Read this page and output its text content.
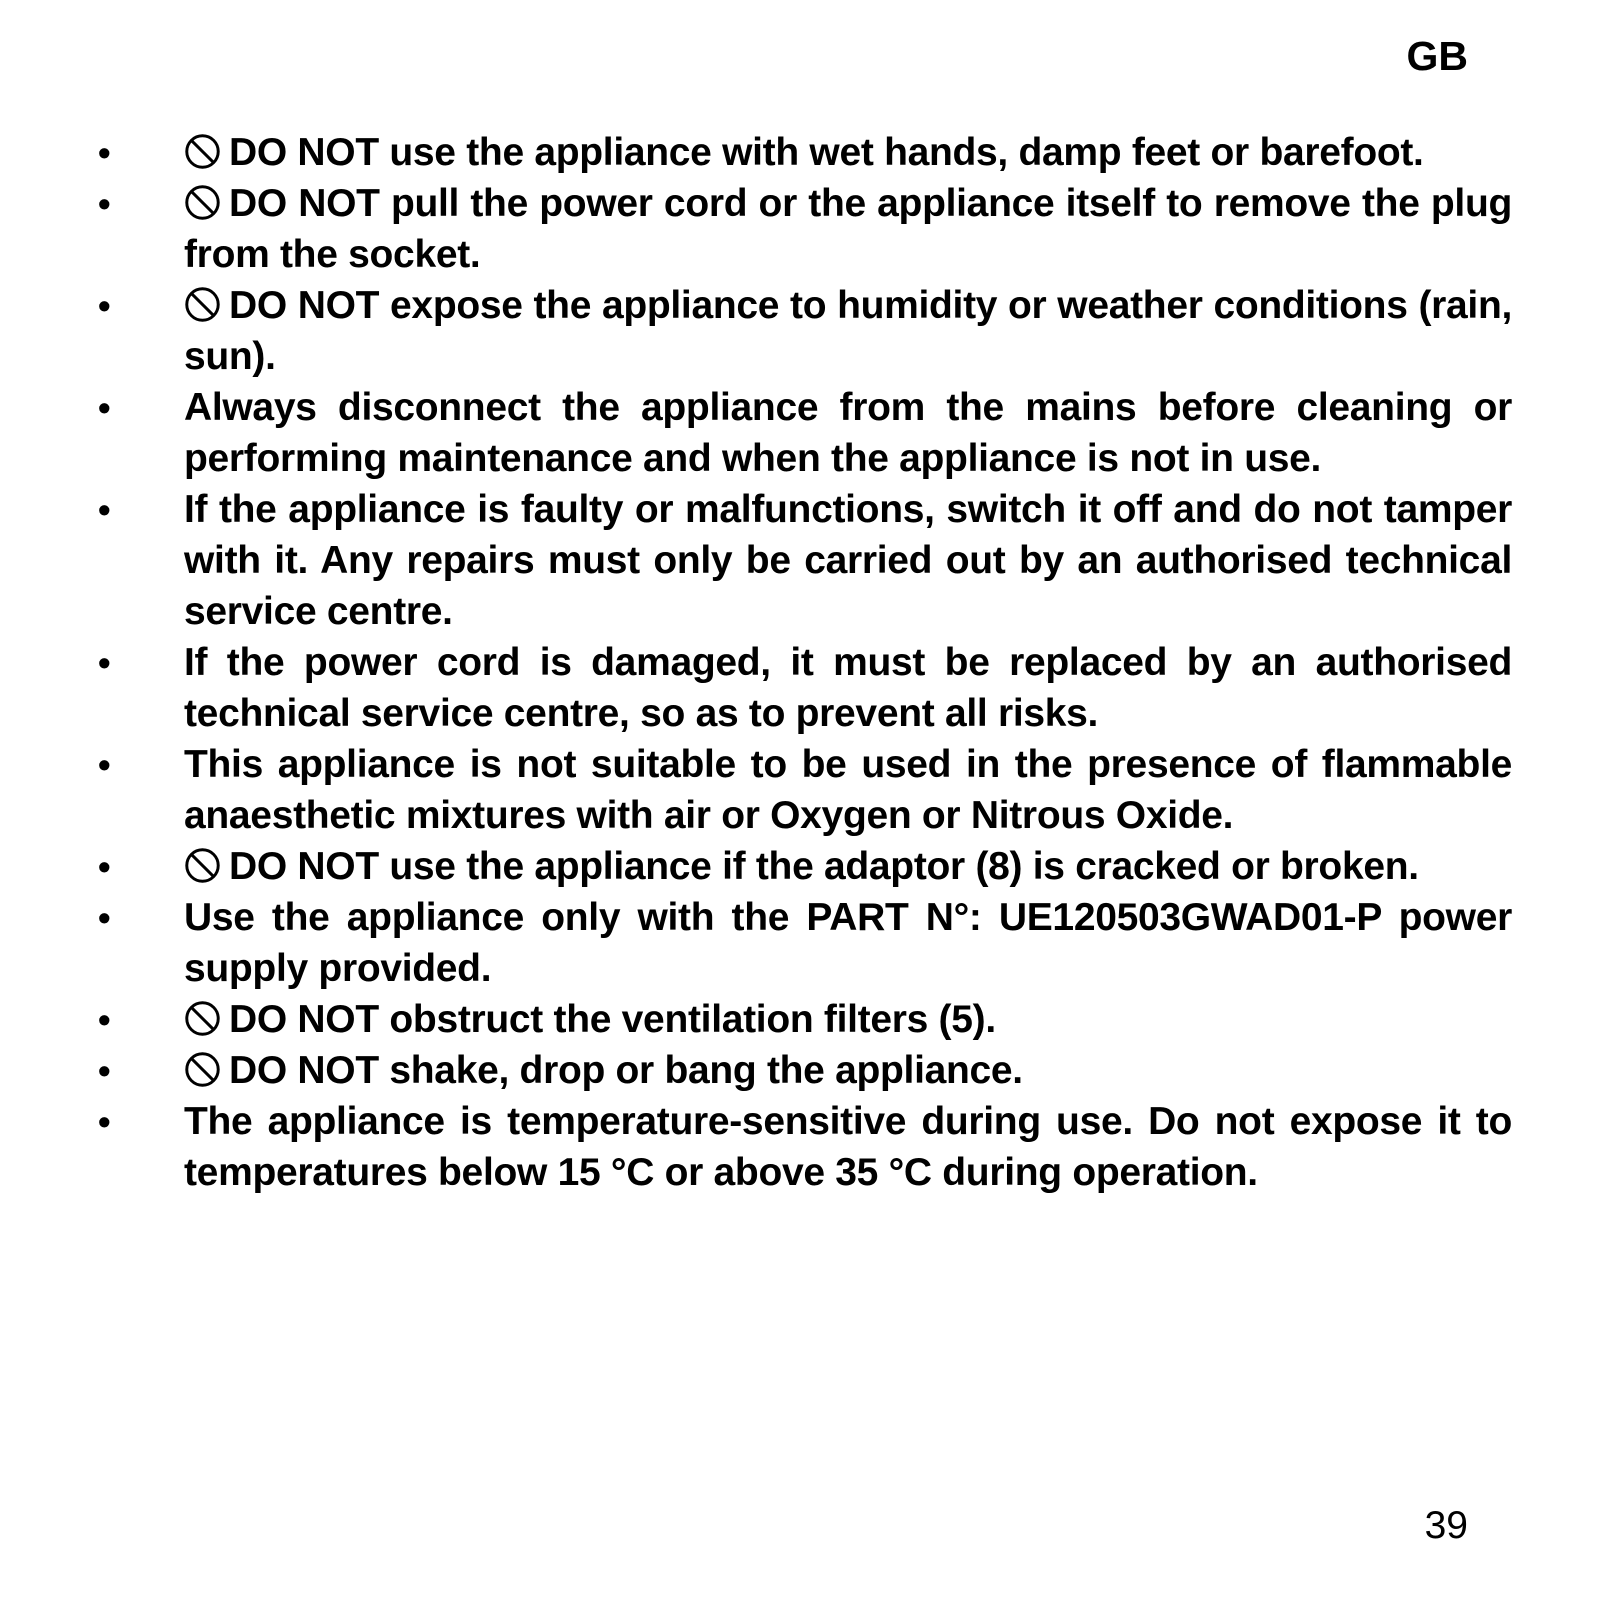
GB
•	DO NOT use the appliance with wet hands, damp feet or barefoot.
•	DO NOT pull the power cord or the appliance itself to remove the plug from the socket.
•	DO NOT expose the appliance to humidity or weather conditions (rain, sun).
• Always disconnect the appliance from the mains before cleaning or performing maintenance and when the appliance is not in use.
• If the appliance is faulty or malfunctions, switch it off and do not tamper with it. Any repairs must only be carried out by an authorised technical service centre.
• If the power cord is damaged, it must be replaced by an authorised technical service centre, so as to prevent all risks.
• This appliance is not suitable to be used in the presence of flammable anaesthetic mixtures with air or Oxygen or Nitrous Oxide.
•	DO NOT use the appliance if the adaptor (8) is cracked or broken.
• Use the appliance only with the PART N°: UE120503GWAD01-P power supply provided.
•	DO NOT obstruct the ventilation filters (5).
•	DO NOT shake, drop or bang the appliance.
• The appliance is temperature-sensitive during use. Do not expose it to temperatures below 15 °C or above 35 °C during operation.
39
